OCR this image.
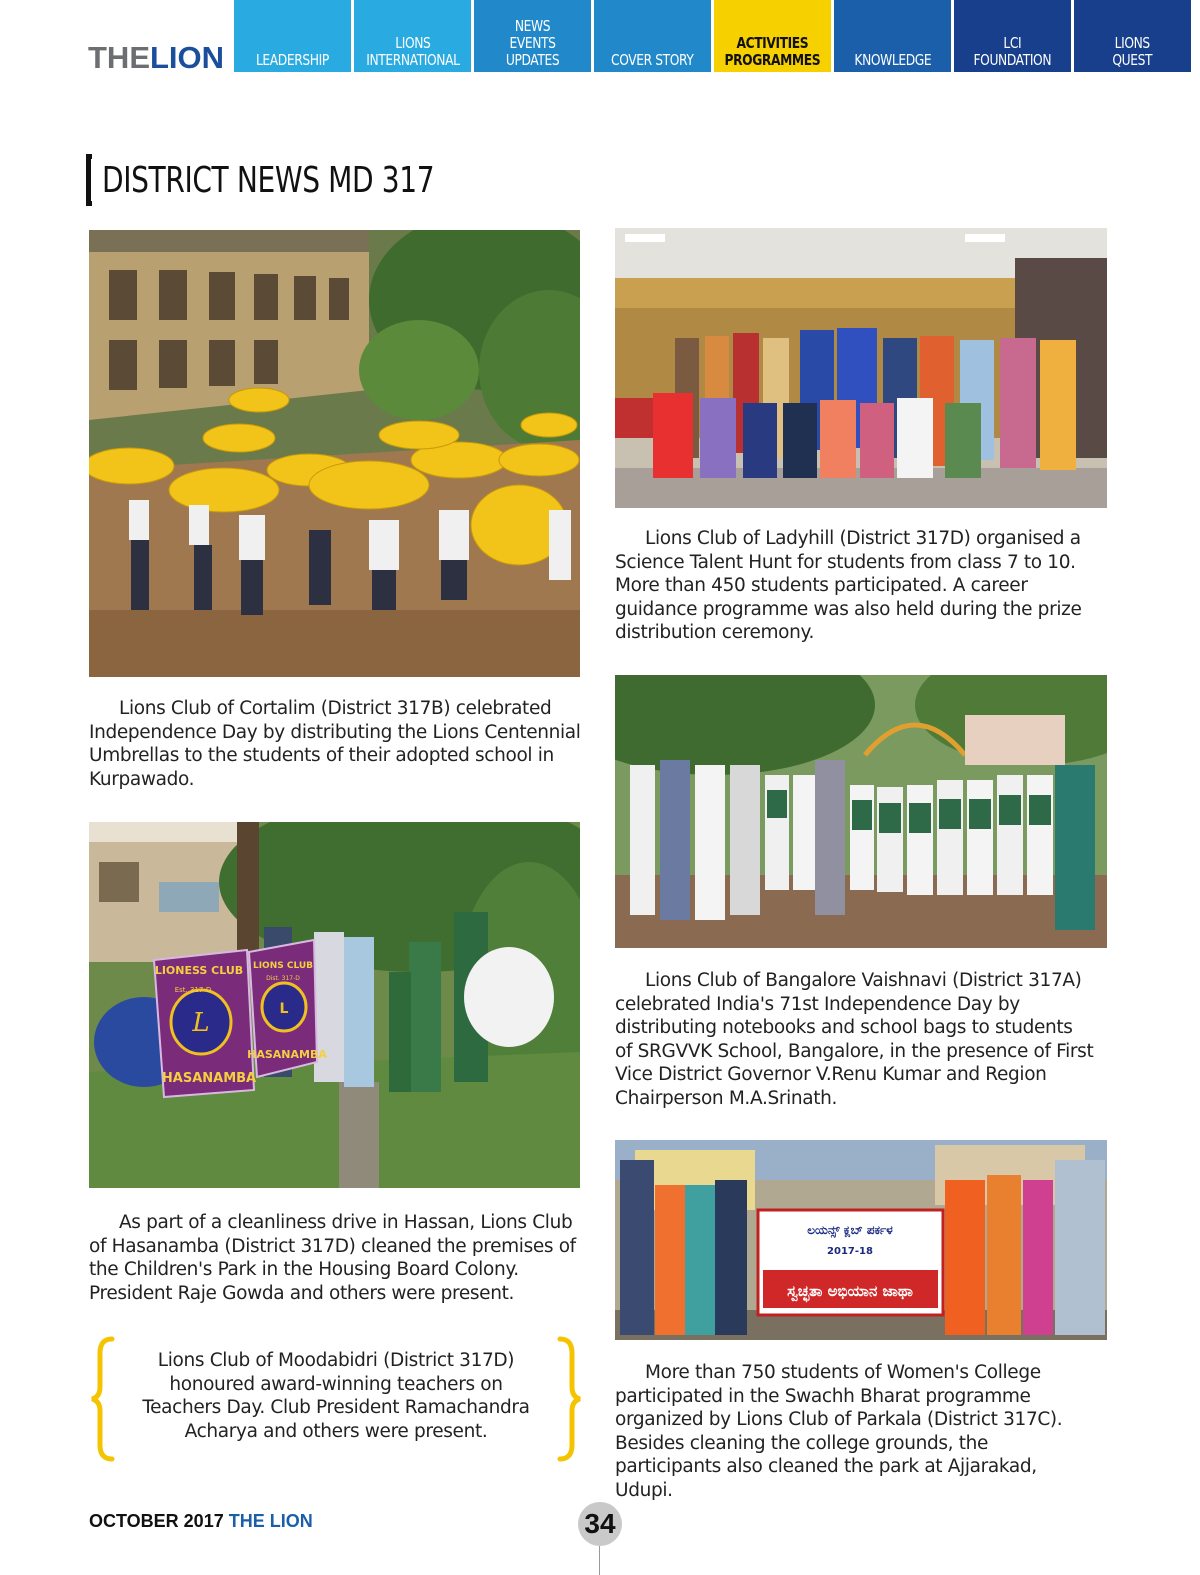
THELION LEADERSHIP
LIONS
INTERNATIONAL
NEWS
EVENTS
UPDATES	COVER STORY
ACTIVITIES
PROGRAMMES KNOWLEDGE
LCI
FOUNDATION
LIONS
QUEST
DISTRICT NEWS MD 317

Lions Club of Cortalim (District 317B) celebrated Independence Day by distributing the Lions Centennial Umbrellas to the students of their adopted school in Kurpawado.

L	L
LIONESS CLUB
Est. 317-D
HASANAMBA
LIONS CLUB
Dist. 317-D
HASANAMBA

As part of a cleanliness drive in Hassan, Lions Club of Hasanamba (District 317D) cleaned the premises of the Children's Park in the Housing Board Colony. President Raje Gowda and others were present.

Lions Club of Moodabidri (District 317D) honoured award-winning teachers on Teachers Day. Club President Ramachandra Acharya and others were present.

Lions Club of Ladyhill (District 317D) organised a Science Talent Hunt for students from class 7 to 10. More than 450 students participated. A career guidance programme was also held during the prize distribution ceremony.

Lions Club of Bangalore Vaishnavi (District 317A) celebrated India's 71st Independence Day by distributing notebooks and school bags to students of SRGVVK School, Bangalore, in the presence of First Vice District Governor V.Renu Kumar and Region Chairperson M.A.Srinath.

ಲಯನ್ಸ್ ಕ್ಲಬ್ ಪರ್ಕಳ
2017-18
ಸ್ವಚ್ಛತಾ ಅಭಿಯಾನ ಜಾಥಾ

More than 750 students of Women's College participated in the Swachh Bharat programme organized by Lions Club of Parkala (District 317C). Besides cleaning the college grounds, the participants also cleaned the park at Ajjarakad, Udupi.

OCTOBER 2017 THE LION	34
